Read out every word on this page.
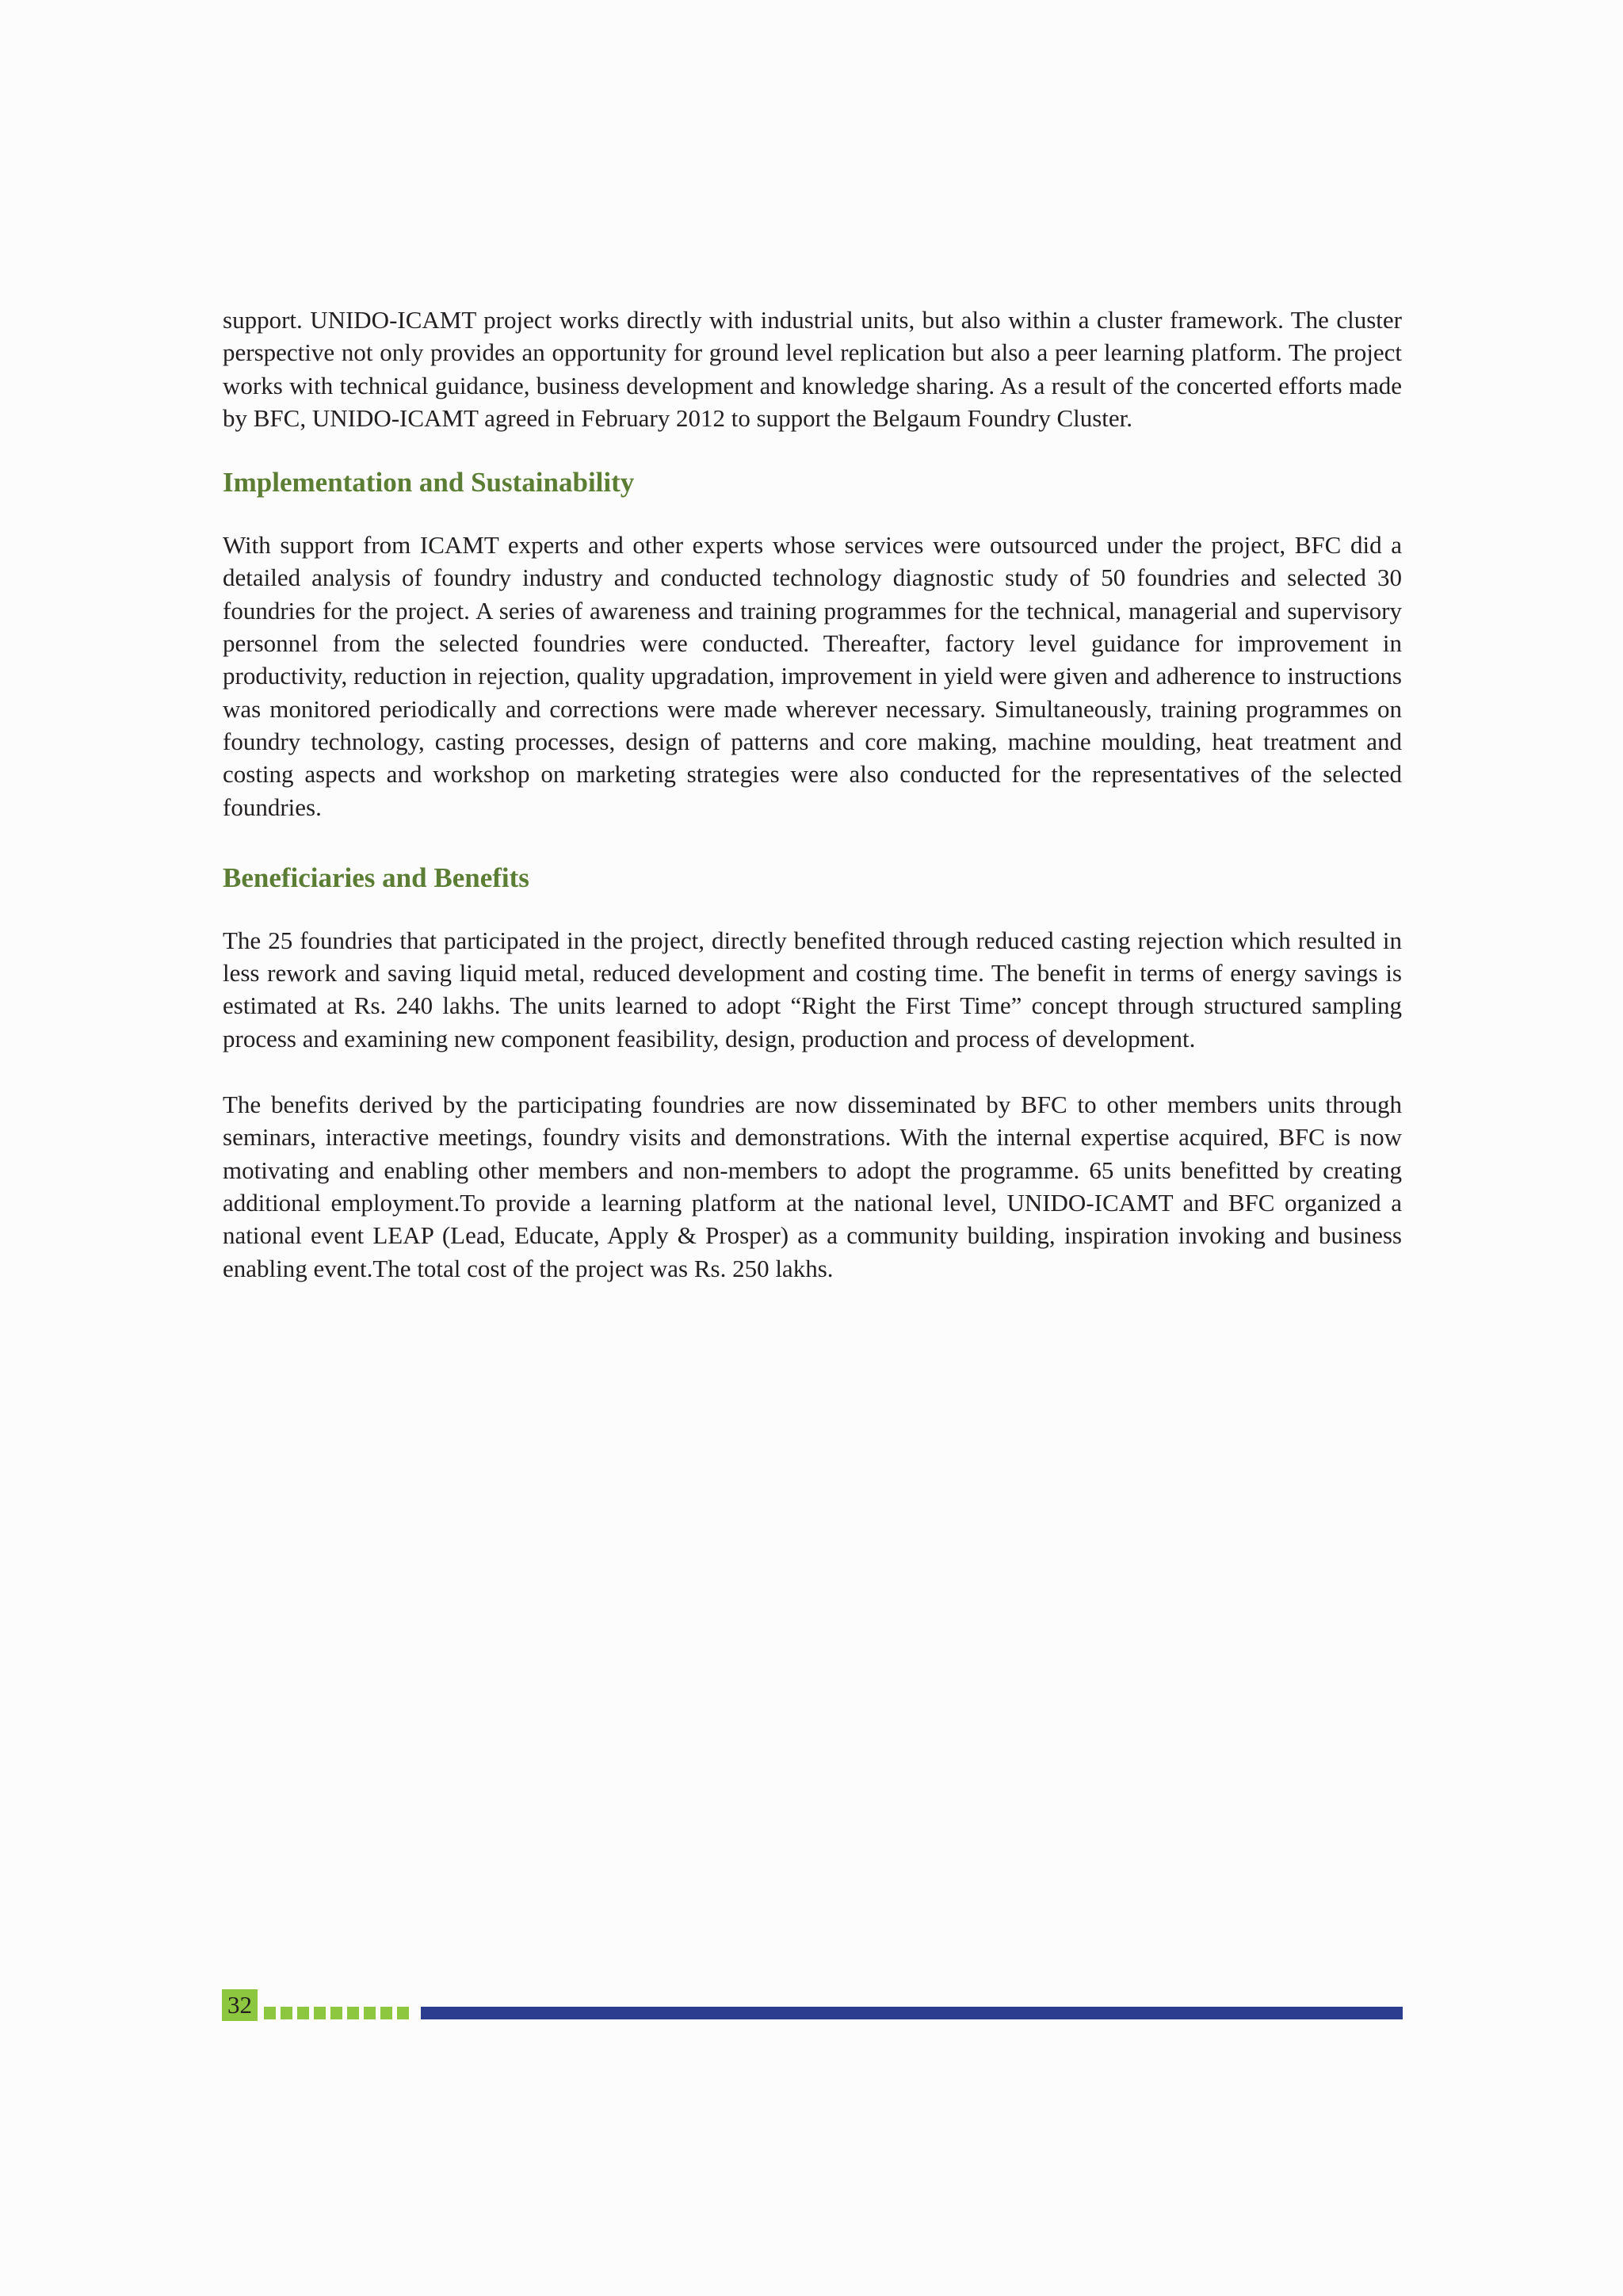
support. UNIDO-ICAMT project works directly with industrial units, but also within a cluster framework. The cluster perspective not only provides an opportunity for ground level replication but also a peer learning platform. The project works with technical guidance, business development and knowledge sharing. As a result of the concerted efforts made by BFC, UNIDO-ICAMT agreed in February 2012 to support the Belgaum Foundry Cluster.

Implementation and Sustainability

With support from ICAMT experts and other experts whose services were outsourced under the project, BFC did a detailed analysis of foundry industry and conducted technology diagnostic study of 50 foundries and selected 30 foundries for the project. A series of awareness and training programmes for the technical, managerial and supervisory personnel from the selected foundries were conducted. Thereafter, factory level guidance for improvement in productivity, reduction in rejection, quality upgradation, improvement in yield were given and adherence to instructions was monitored periodically and corrections were made wherever necessary. Simultaneously, training programmes on foundry technology, casting processes, design of patterns and core making, machine moulding, heat treatment and costing aspects and workshop on marketing strategies were also conducted for the representatives of the selected foundries.

Beneficiaries and Benefits

The 25 foundries that participated in the project, directly benefited through reduced casting rejection which resulted in less rework and saving liquid metal, reduced development and costing time. The benefit in terms of energy savings is estimated at Rs. 240 lakhs. The units learned to adopt “Right the First Time” concept through structured sampling process and examining new component feasibility, design, production and process of development.

The benefits derived by the participating foundries are now disseminated by BFC to other members units through seminars, interactive meetings, foundry visits and demonstrations. With the internal expertise acquired, BFC is now motivating and enabling other members and non-members to adopt the programme. 65 units benefitted by creating additional employment.To provide a learning platform at the national level, UNIDO-ICAMT and BFC organized a national event LEAP (Lead, Educate, Apply & Prosper) as a community building, inspiration invoking and business enabling event.The total cost of the project was Rs. 250 lakhs.

32
